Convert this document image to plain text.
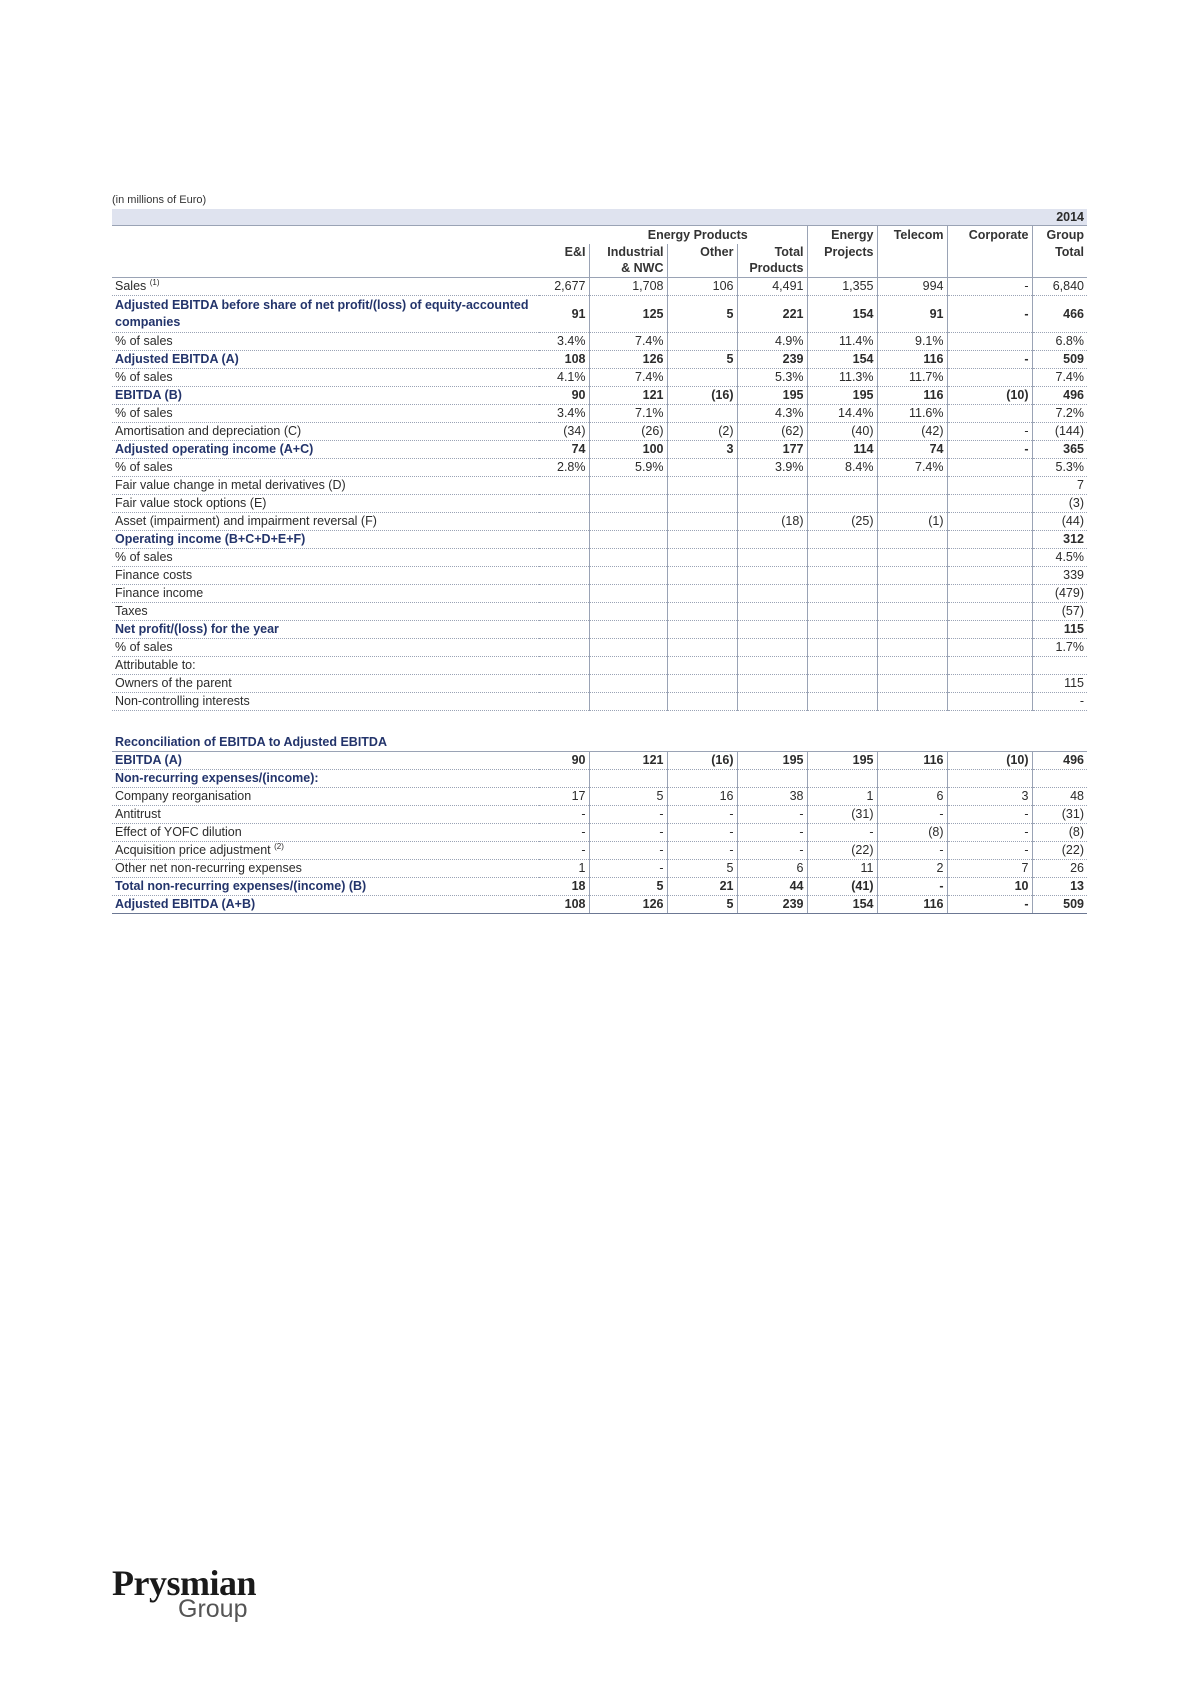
(in millions of Euro)
								2014
		Energy Products			Energy	Telecom	Corporate	Group
	E&I	Industrial	Other	Total	Projects			Total
		& NWC		Products				
Sales $^{(1)}$	2,677	1,708	106	4,491	1,355	994	-	6,840
Adjusted EBITDA before share of net profit/(loss) of equity-accounted companies	91	125	5	221	154	91	-	466
% of sales	3.4%	7.4%		4.9%	11.4%	9.1%		6.8%
Adjusted EBITDA (A)	108	126	5	239	154	116	-	509
% of sales	4.1%	7.4%		5.3%	11.3%	11.7%		7.4%
EBITDA (B)	90	121	(16)	195	195	116	(10)	496
% of sales	3.4%	7.1%		4.3%	14.4%	11.6%		7.2%
Amortisation and depreciation (C)	(34)	(26)	(2)	(62)	(40)	(42)	-	(144)
Adjusted operating income (A+C)	74	100	3	177	114	74	-	365
% of sales	2.8%	5.9%		3.9%	8.4%	7.4%		5.3%
Fair value change in metal derivatives (D)								7
Fair value stock options (E)								(3)
Asset (impairment) and impairment reversal (F)				(18)	(25)	(1)		(44)
Operating income (B+C+D+E+F)								312
% of sales								4.5%
Finance costs								339
Finance income								(479)
Taxes								(57)
Net profit/(loss) for the year								115
% of sales								1.7%
Attributable to:								
Owners of the parent								115
Non-controlling interests								-

Reconciliation of EBITDA to Adjusted EBITDA								
EBITDA (A)	90	121	(16)	195	195	116	(10)	496
Non-recurring expenses/(income):								
Company reorganisation	17	5	16	38	1	6	3	48
Antitrust	-	-	-	-	(31)	-	-	(31)
Effect of YOFC dilution	-	-	-	-	-	(8)	-	(8)
Acquisition price adjustment $^{(2)}$	-	-	-	-	(22)	-	-	(22)
Other net non-recurring expenses	1	-	5	6	11	2	7	26
Total non-recurring expenses/(income) (B)	18	5	21	44	(41)	-	10	13
Adjusted EBITDA (A+B)	108	126	5	239	154	116	-	509
Prysmian
Group
